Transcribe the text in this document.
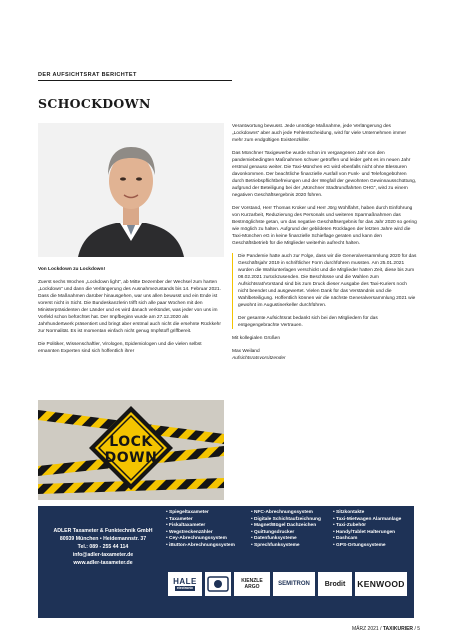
DER AUFSICHTSRAT BERICHTET
SCHOCKDOWN

Von Lockdown zu Lockdown!

Zuerst sechs Wochen „Lockdown light“, ab Mitte Dezember der Wechsel zum harten „Lockdown“ und dann die Verlängerung des Ausnahmezustands bis 14. Februar 2021. Dass die Maßnahmen darüber hinausgehen, war uns allen bewusst und ein Ende ist vorerst nicht in Sicht. Die Bundeskanzlerin trifft sich alle paar Wochen mit den Ministerpräsidenten der Länder und es wird danach verkündet, was jeder von uns im Vorfeld schon befürchtet hat. Der Impfbeginn wurde am 27.12.2020 als Jahrhundertwerk präsentiert und bringt aber erstmal auch nicht die ersehnte Rückkehr zur Normalität. Es ist momentan einfach nicht genug Impfstoff griffbereit.

Die Politiker, Wissenschaftler, Virologen, Epidemiologen und die vielen selbst ernannten Experten sind sich hoffentlich ihrer

LOCK
DOWN

Verantwortung bewusst. Jede unnötige Maßnahme, jede Verlängerung des „Lockdowns“ aber auch jede Fehlentscheidung, wird für viele Unternehmen immer mehr zum endgültigen Existenzkiller.

Das Münchner Taxigewerbe wurde schon im vergangenen Jahr von den pandemiebedingten Maßnahmen schwer getroffen und leider geht es im neuen Jahr erstmal genauso weiter. Die Taxi-München eG wird ebenfalls nicht ohne Blessuren davonkommen. Der beachtliche finanzielle Ausfall von Funk- und Telefongebühren durch Betriebspflichtbefreiungen und der Wegfall der gewohnten Gewinnausschüttung, aufgrund der Beteiligung bei der „Münchner Stadtrundfahrten OHG“, wird zu einem negativen Geschäftsergebnis 2020 führen.

Der Vorstand, Herr Thomas Kroker und Herr Jörg Wohlfahrt, haben durch Einführung von Kurzarbeit, Reduzierung des Personals und weiteren Sparmaßnahmen das Bestmöglichste getan, um das negative Geschäftsergebnis für das Jahr 2020 so gering wie möglich zu halten. Aufgrund der gebildeten Rücklagen der letzten Jahre wird die Taxi-München eG in keine finanzielle Schieflage geraten und kann den Geschäftsbetrieb für die Mitglieder weiterhin aufrecht halten.

Die Pandemie hatte auch zur Folge, dass wir die Generalversammlung 2020 für das Geschäftsjahr 2019 in schriftlicher Form durchführen mussten. Am 25.01.2021 wurden die Wahlunterlagen verschickt und die Mitglieder hatten Zeit, diese bis zum 08.02.2021 zurückzusenden. Die Beschlüsse und die Wahlen zum Aufsichtsrat/Vorstand sind bis zum Druck dieser Ausgabe des Taxi-Kuriers noch nicht beendet und ausgewertet. Vielen Dank für das Verständnis und die Wahlbeteiligung. Hoffentlich können wir die nächste Generalversammlung 2021 wie gewohnt im Augustinerkeller durchführen.

Der gesamte Aufsichtsrat bedankt sich bei den Mitgliedern für das entgegengebrachte Vertrauen.

Mit kollegialen Grüßen

Max Weiland
Aufsichtsratsvorsitzender
ADLER Taxameter & Funktechnik GmbH
80939 München • Heidemannstr. 37
Tel.: 089 - 255 44 114
info@adler-taxameter.de
www.adler-taxameter.de
• Spiegeltaxameter
• Taxameter
• Fiskaltaxameter
• Wegstreckenzähler
• Cey-Abrechnungssystem
• iButton-Abrechnungssystem
• NFC-Abrechnungssystem
• Digitale Schichtaufzeichnung
• Magnet/Bügel Dachzeichen
• Quittungsdrucker
• Datenfunksysteme
• Sprechfunksysteme
• Sitzkontakte
• Taxi-Mietwagen Alarmanlage
• Taxi-Zubehör
• Handy/Tablet Halterungen
• Dashcam
• GPS-Ortungssysteme
HALE
electronic
KIENZLE
ARGO	SEMITRON Brodit KENWOOD
MÄRZ 2021 / TAXIKURIER / 5
